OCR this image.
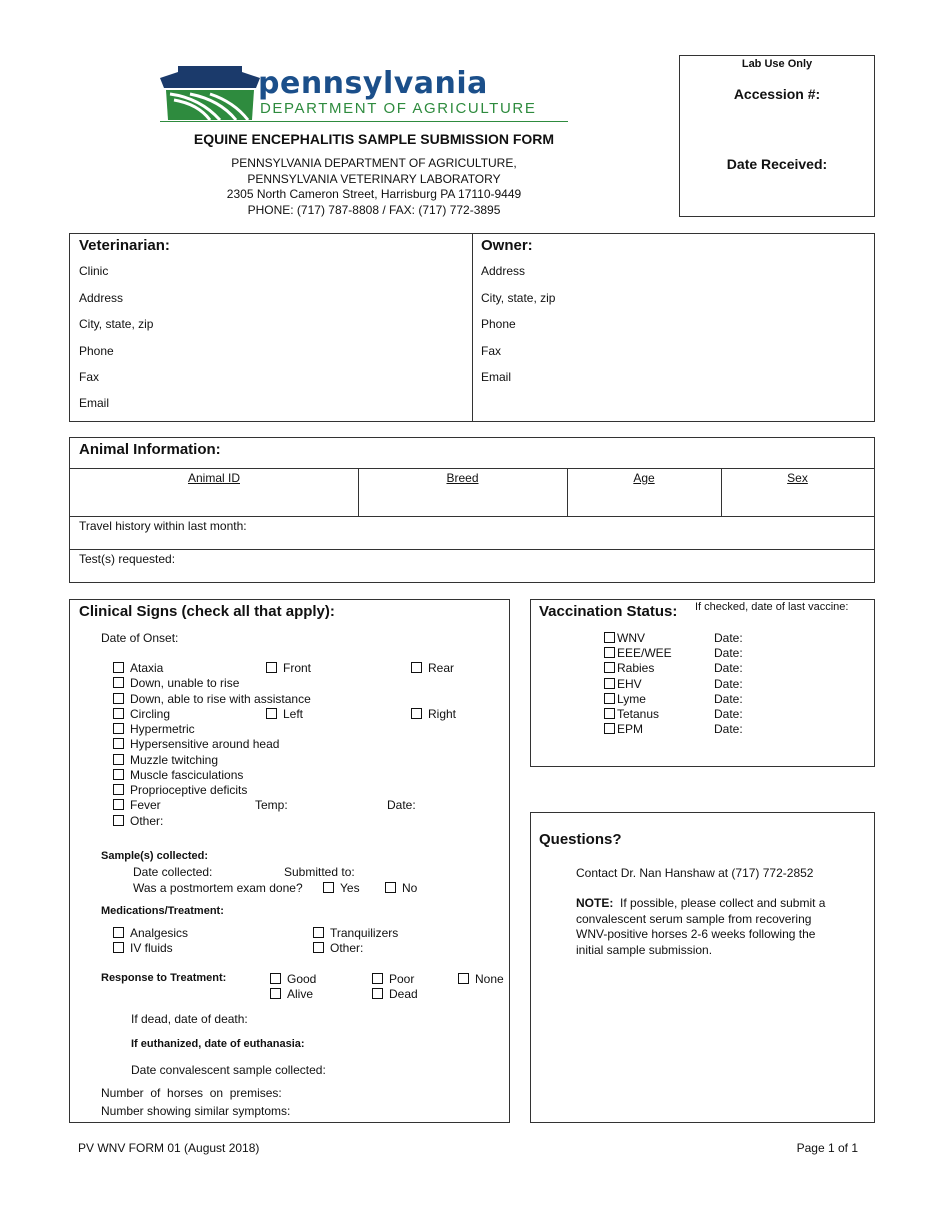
pennsylvania
DEPARTMENT OF AGRICULTURE
EQUINE ENCEPHALITIS SAMPLE SUBMISSION FORM
PENNSYLVANIA DEPARTMENT OF AGRICULTURE,
PENNSYLVANIA VETERINARY LABORATORY
2305 North Cameron Street, Harrisburg PA 17110-9449
PHONE: (717) 787-8808 / FAX: (717) 772-3895
Lab Use Only
Accession #:
Date Received:
Veterinarian:
Clinic
Address
City, state, zip
Phone
Fax
Email
Owner:
Address
City, state, zip
Phone
Fax
Email
Animal Information:
Animal ID	Breed	Age	Sex
Travel history within last month:
Test(s) requested:
Clinical Signs (check all that apply):
Date of Onset:
Ataxia	Front	Rear
Down, unable to rise
Down, able to rise with assistance
Circling	Left	Right
Hypermetric
Hypersensitive around head
Muzzle twitching
Muscle fasciculations
Proprioceptive deficits
Fever	Temp:	Date:
Other:
Sample(s) collected:
Date collected:	Submitted to:
Was a postmortem exam done?	Yes	No
Medications/Treatment:
Analgesics	Tranquilizers
IV fluids	Other:
Response to Treatment:	Good	Poor	None
Alive	Dead
If dead, date of death:
If euthanized, date of euthanasia:
Date convalescent sample collected:
Number  of  horses  on  premises:
Number showing similar symptoms:
Vaccination Status: If checked, date of last vaccine:
WNV	Date:
EEE/WEE	Date:
Rabies	Date:
EHV	Date:
Lyme	Date:
Tetanus	Date:
EPM	Date:
Questions?
Contact Dr. Nan Hanshaw at (717) 772-2852
NOTE: If possible, please collect and submit a
convalescent serum sample from recovering
WNV-positive horses 2-6 weeks following the
initial sample submission.
PV WNV FORM 01 (August 2018)	Page 1 of 1
